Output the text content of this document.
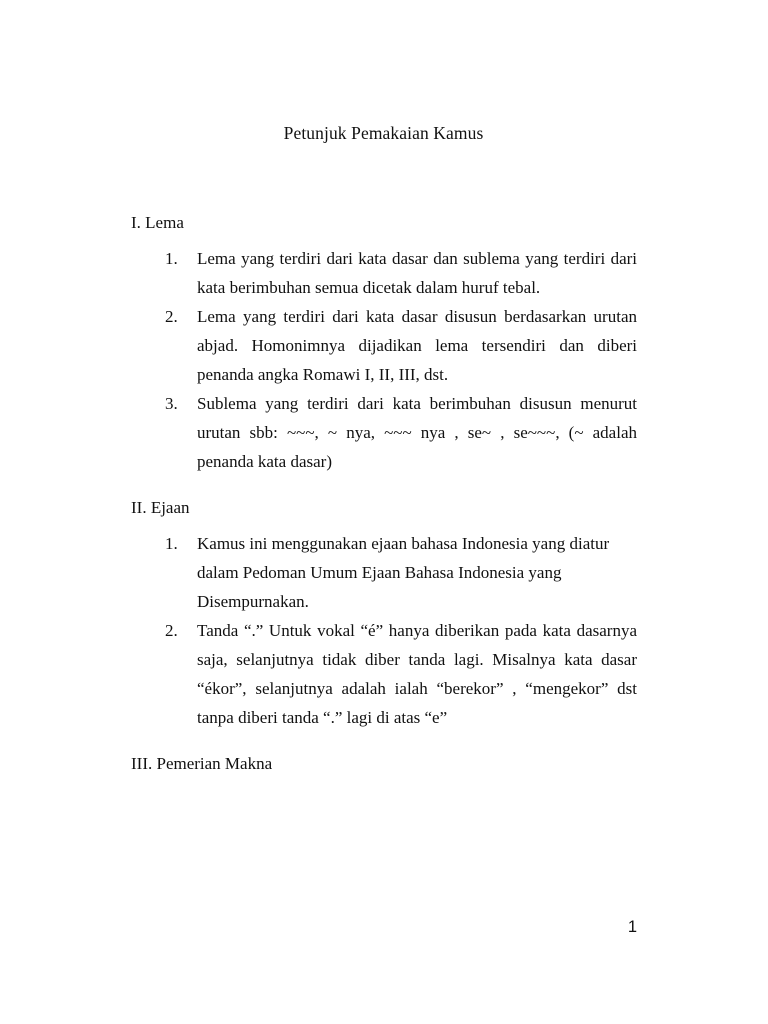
Petunjuk Pemakaian Kamus
I. Lema
1.	Lema yang terdiri dari kata dasar dan sublema yang terdiri dari kata berimbuhan semua dicetak dalam huruf tebal.
2.	Lema yang terdiri dari kata dasar disusun berdasarkan urutan abjad. Homonimnya dijadikan lema tersendiri dan diberi penanda angka Romawi I, II, III, dst.
3.	Sublema yang terdiri dari kata berimbuhan disusun menurut urutan sbb: ~~~, ~ nya, ~~~ nya , se~ , se~~~, (~ adalah penanda kata dasar)
II. Ejaan
1.	Kamus ini menggunakan ejaan bahasa Indonesia yang diatur dalam Pedoman Umum Ejaan Bahasa Indonesia yang Disempurnakan.
2.	Tanda “.” Untuk vokal “é” hanya diberikan pada kata dasarnya saja, selanjutnya tidak diber tanda lagi. Misalnya kata dasar “ékor”, selanjutnya adalah ialah “berekor” , “mengekor” dst tanpa diberi tanda “.” lagi di atas “e”
III. Pemerian Makna
1
